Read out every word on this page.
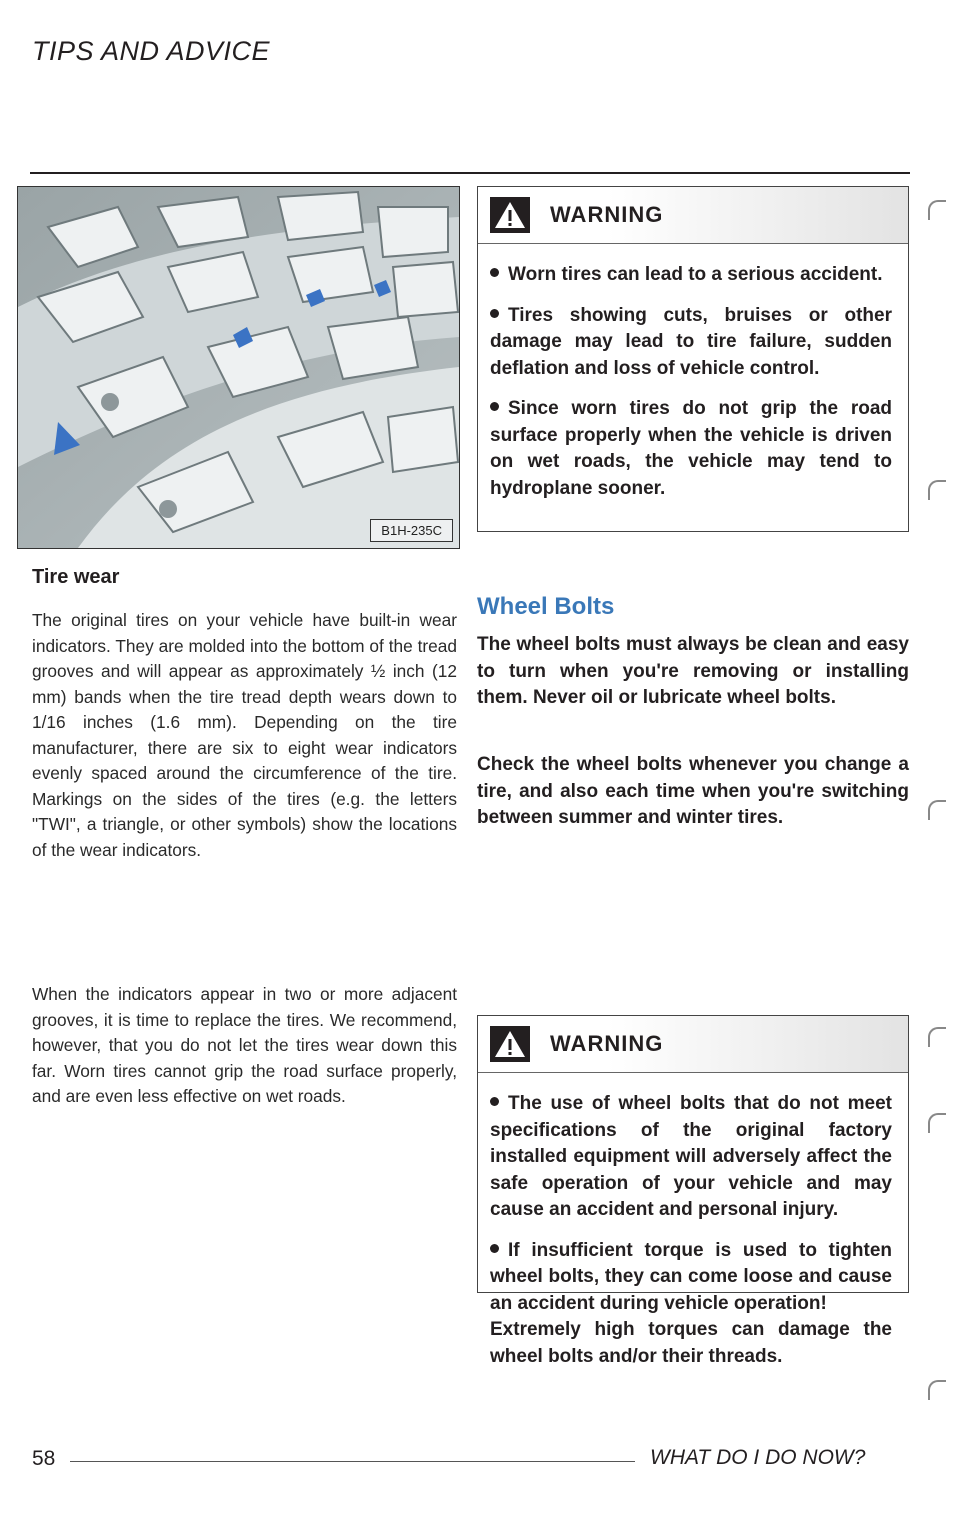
TIPS AND ADVICE
B1H-235C
Tire wear

The original tires on your vehicle have built-in wear indicators. They are molded into the bottom of the tread grooves and will appear as approximately ½ inch (12 mm) bands when the tire tread depth wears down to 1/16 inches (1.6 mm). Depending on the tire manufacturer, there are six to eight wear indicators evenly spaced around the circumference of the tire. Markings on the sides of the tires (e.g. the letters "TWI", a triangle, or other symbols) show the locations of the wear indicators.

When the indicators appear in two or more adjacent grooves, it is time to replace the tires. We recommend, however, that you do not let the tires wear down this far. Worn tires cannot grip the road surface properly, and are even less effective on wet roads.

WARNING
Worn tires can lead to a serious accident.
Tires showing cuts, bruises or other damage may lead to tire failure, sudden deflation and loss of vehicle control.
Since worn tires do not grip the road surface properly when the vehicle is driven on wet roads, the vehicle may tend to hydroplane sooner.
Wheel Bolts

The wheel bolts must always be clean and easy to turn when you're removing or installing them. Never oil or lubricate wheel bolts.

Check the wheel bolts whenever you change a tire, and also each time when you're switching between summer and winter tires.

WARNING
The use of wheel bolts that do not meet specifications of the original factory installed equipment will adversely affect the safe operation of your vehicle and may cause an accident and personal injury.
If insufficient torque is used to tighten wheel bolts, they can come loose and cause an accident during vehicle operation!
Extremely high torques can damage the wheel bolts and/or their threads.
58	WHAT DO I DO NOW?
